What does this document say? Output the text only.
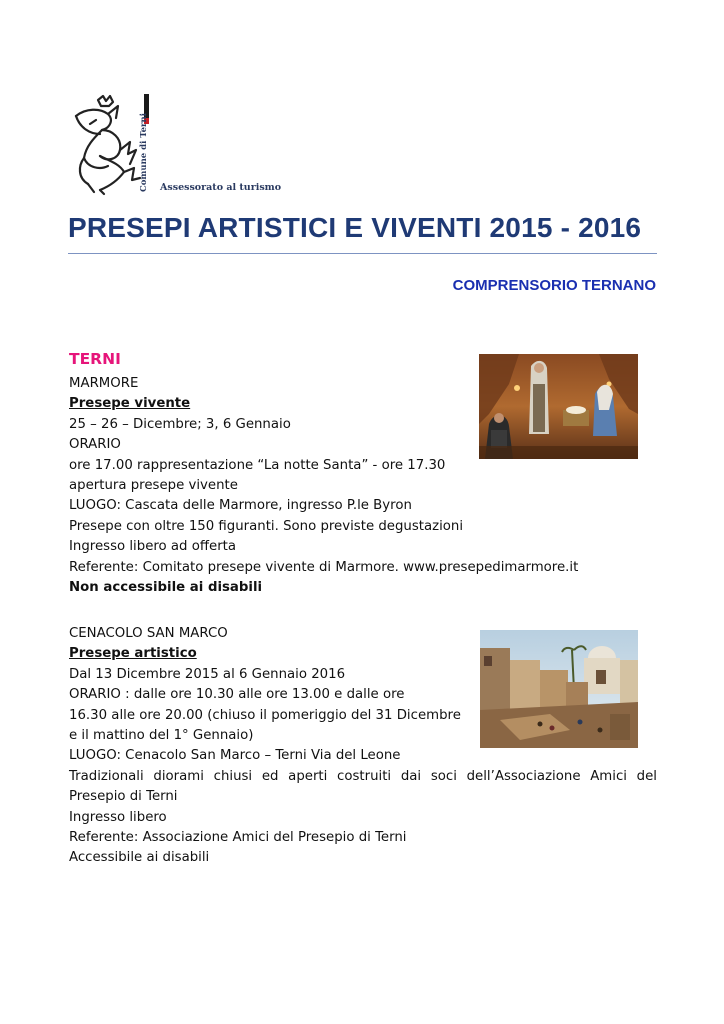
Comune di Terni Assessorato al turismo
PRESEPI ARTISTICI E VIVENTI 2015 - 2016
COMPRENSORIO TERNANO
TERNI
MARMORE
Presepe vivente
25 – 26 – Dicembre; 3, 6 Gennaio
ORARIO
ore 17.00 rappresentazione “La notte Santa” - ore 17.30
apertura presepe vivente
LUOGO: Cascata delle Marmore, ingresso P.le Byron
Presepe con oltre 150 figuranti. Sono previste degustazioni
Ingresso libero ad offerta
Referente: Comitato presepe vivente di Marmore. www.presepedimarmore.it
Non accessibile ai disabili
CENACOLO SAN MARCO
Presepe artistico
Dal 13 Dicembre 2015 al 6 Gennaio 2016
ORARIO : dalle ore 10.30 alle ore 13.00 e dalle ore
16.30 alle ore 20.00 (chiuso il pomeriggio del 31 Dicembre
e il mattino del 1° Gennaio)
LUOGO: Cenacolo San Marco – Terni Via del Leone
Tradizionali diorami chiusi ed aperti costruiti dai soci dell’Associazione Amici del
Presepio di Terni
Ingresso libero
Referente: Associazione Amici del Presepio di Terni
Accessibile ai disabili
